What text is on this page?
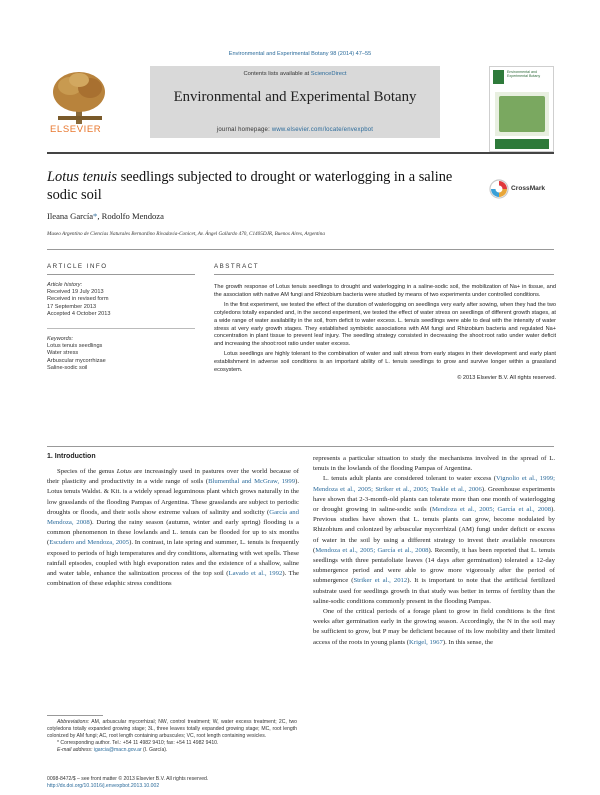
Environmental and Experimental Botany 98 (2014) 47–55
ELSEVIER
Contents lists available at ScienceDirect
Environmental and Experimental Botany
journal homepage: www.elsevier.com/locate/envexpbot
Environmental and Experimental Botany
Lotus tenuis seedlings subjected to drought or waterlogging in a saline
sodic soil	CrossMark
Ileana García*, Rodolfo Mendoza
Museo Argentino de Ciencias Naturales Bernardino Rivadavia-Conicet, Av. Ángel Gallardo 470, C1405DJR, Buenos Aires, Argentina
ARTICLE INFO	ABSTRACT
Article history:
Received 19 July 2013
Received in revised form
17 September 2013
Accepted 4 October 2013
Keywords:
Lotus tenuis seedlings
Water stress
Arbuscular mycorrhizae
Saline-sodic soil

The growth response of Lotus tenuis seedlings to drought and waterlogging in a saline-sodic soil, the mobilization of Na+ in tissue, and the association with native AM fungi and Rhizobium bacteria were studied by means of two experiments under controlled conditions.

In the first experiment, we tested the effect of the duration of waterlogging on seedlings very early after sowing, when they had the two cotyledons totally expanded and, in the second experiment, we tested the effect of water stress on seedlings of different growth stages, at a wide range of water availability in the soil, from deficit to water excess. L. tenuis seedlings were able to deal with the intensity of water stress at very early growth stages. They established symbiotic associations with AM fungi and Rhizobium bacteria and regulated Na+ concentration in plant tissue to prevent leaf injury. The seedling strategy consisted in decreasing the shoot:root ratio under water deficit and increasing the shoot:root ratio under water excess.

Lotus seedlings are highly tolerant to the combination of water and salt stress from early stages in their development and early plant establishment in adverse soil conditions is an important ability of L. tenuis seedlings to grow and survive longer within a grassland ecosystem.

© 2013 Elsevier B.V. All rights reserved.

1. Introduction

Species of the genus Lotus are increasingly used in pastures over the world because of their plasticity and productivity in a wide range of soils (Blumenthal and McGraw, 1999). Lotus tenuis Waldst. & Kit. is a widely spread leguminous plant which grows naturally in the low grasslands of the flooding Pampas of Argentina. These grasslands are subject to periodic droughts or floods, and their soils show extreme values of salinity and sodicity (García and Mendoza, 2008). During the rainy season (autumn, winter and early spring) flooding is a common phenomenon in these lowlands and L. tenuis can be flooded for up to six months (Escudero and Mendoza, 2005). In contrast, in late spring and summer, L. tenuis is frequently exposed to periods of high temperatures and dry conditions, alternating with wet spells. These rainfall episodes, coupled with high evaporation rates and the existence of a shallow, saline and water table, enhance the salinization process of the top soil (Lavado et al., 1992). The combination of these edaphic stress conditions

represents a particular situation to study the mechanisms involved in the spread of L. tenuis in the lowlands of the flooding Pampas of Argentina.

L. tenuis adult plants are considered tolerant to water excess (Vignolio et al., 1999; Mendoza et al., 2005; Striker et al., 2005; Teakle et al., 2006). Greenhouse experiments have shown that 2-3-month-old plants can tolerate more than one month of waterlogging or drought growing in saline-sodic soils (Mendoza et al., 2005; García et al., 2008). Previous studies have shown that L. tenuis plants can grow, become nodulated by Rhizobium and colonized by arbuscular mycorrhizal (AM) fungi under deficit or excess of water in the soil by using a different strategy to invest their available resources (Mendoza et al., 2005; García et al., 2008). Recently, it has been reported that L. tenuis seedlings with three pentafoliate leaves (14 days after germination) tolerated a 12-day submergence period and were able to grow more vigorously after the period of submergence (Striker et al., 2012). It is important to note that the artificial fertilized substrate used for seedlings growth in that study was better in terms of fertility than the saline-sodic conditions commonly present in the flooding Pampas.

One of the critical periods of a forage plant to grow in field conditions is the first weeks after germination early in the growing season. Accordingly, the N in the soil may be sufficient to grow, but P may be deficient because of its low mobility and their limited access of the roots in young plants (Krigel, 1967). In this sense, the

Abbreviations: AM, arbuscular mycorrhizal; NW, control treatment; W, water excess treatment; 2C, two cotyledons totally expanded growing stage; 3L, three leaves totally expanded growing stage; MC, root length colonized by AM fungi; AC, root length containing arbuscules; VC, root length containing vesicles.
* Corresponding author. Tel.: +54 11 4982 9410; fax: +54 11 4982 9410.
E-mail address: igarcia@macn.gov.ar (I. García).
0098-8472/$ – see front matter © 2013 Elsevier B.V. All rights reserved.
http://dx.doi.org/10.1016/j.envexpbot.2013.10.002
